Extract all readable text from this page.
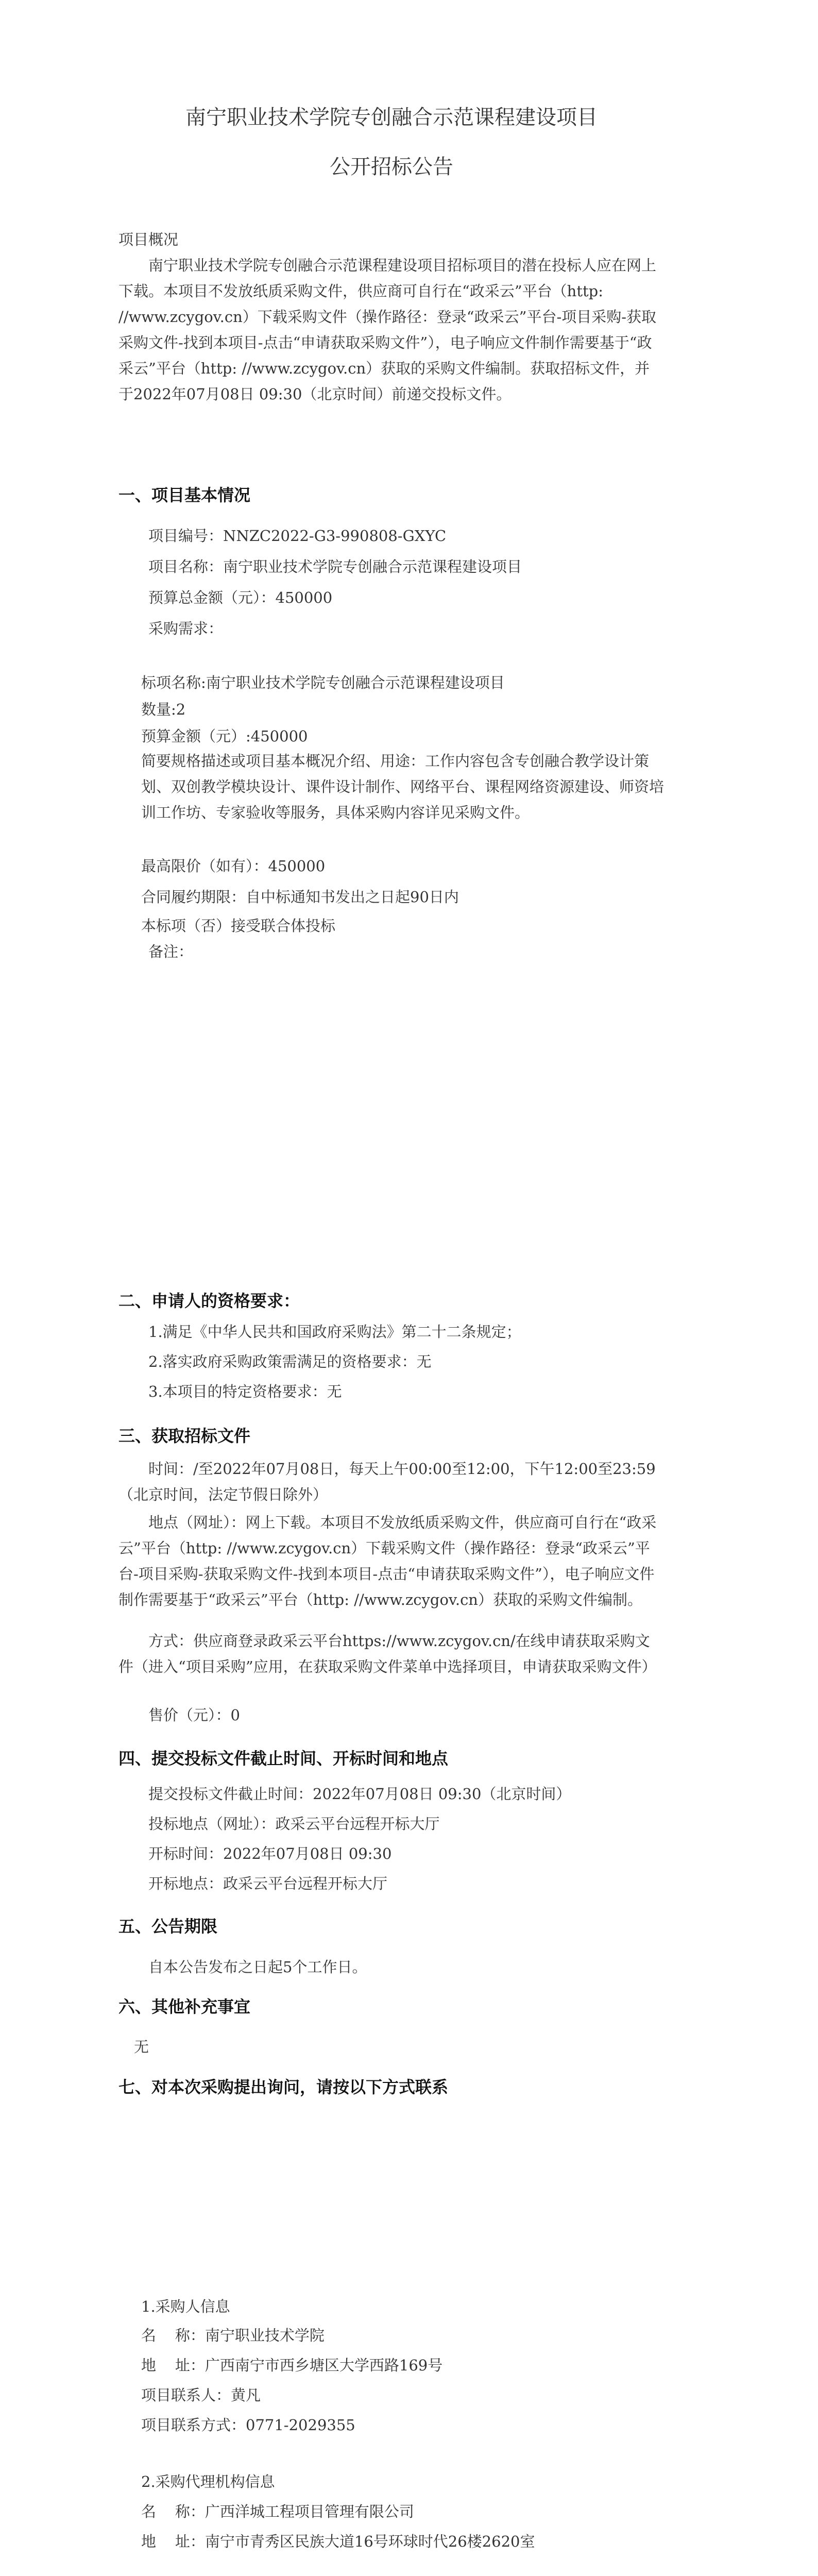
南宁职业技术学院专创融合示范课程建设项目
公开招标公告
项目概况
南宁职业技术学院专创融合示范课程建设项目招标项目的潜在投标人应在网上下载。本项目不发放纸质采购文件，供应商可自行在“政采云”平台（http: //www.zcygov.cn）下载采购文件（操作路径：登录“政采云”平台-项目采购-获取采购文件-找到本项目-点击“申请获取采购文件”），电子响应文件制作需要基于“政采云”平台（http: //www.zcygov.cn）获取的采购文件编制。获取招标文件，并于2022年07月08日 09:30（北京时间）前递交投标文件。
一、项目基本情况
项目编号：NNZC2022-G3-990808-GXYC
项目名称：南宁职业技术学院专创融合示范课程建设项目
预算总金额（元）：450000
采购需求：
标项名称:南宁职业技术学院专创融合示范课程建设项目
数量:2
预算金额（元）:450000
简要规格描述或项目基本概况介绍、用途：工作内容包含专创融合教学设计策划、双创教学模块设计、课件设计制作、网络平台、课程网络资源建设、师资培训工作坊、专家验收等服务，具体采购内容详见采购文件。
最高限价（如有）：450000
合同履约期限：自中标通知书发出之日起90日内
本标项（否）接受联合体投标
备注：
二、申请人的资格要求：
1.满足《中华人民共和国政府采购法》第二十二条规定；
2.落实政府采购政策需满足的资格要求：无
3.本项目的特定资格要求：无
三、获取招标文件
时间：/至2022年07月08日，每天上午00:00至12:00，下午12:00至23:59（北京时间，法定节假日除外）
地点（网址）：网上下载。本项目不发放纸质采购文件，供应商可自行在“政采云”平台（http: //www.zcygov.cn）下载采购文件（操作路径：登录“政采云”平台-项目采购-获取采购文件-找到本项目-点击“申请获取采购文件”），电子响应文件制作需要基于“政采云”平台（http: //www.zcygov.cn）获取的采购文件编制。
方式：供应商登录政采云平台https://www.zcygov.cn/在线申请获取采购文件（进入“项目采购”应用，在获取采购文件菜单中选择项目，申请获取采购文件）
售价（元）：0
四、提交投标文件截止时间、开标时间和地点
提交投标文件截止时间：2022年07月08日 09:30（北京时间）
投标地点（网址）：政采云平台远程开标大厅
开标时间：2022年07月08日 09:30
开标地点：政采云平台远程开标大厅
五、公告期限
自本公告发布之日起5个工作日。
六、其他补充事宜
无
七、对本次采购提出询问，请按以下方式联系
1.采购人信息
名    称：南宁职业技术学院
地    址：广西南宁市西乡塘区大学西路169号
项目联系人：黄凡
项目联系方式：0771-2029355
2.采购代理机构信息
名    称：广西洋城工程项目管理有限公司
地    址：南宁市青秀区民族大道16号环球时代26楼2620室
